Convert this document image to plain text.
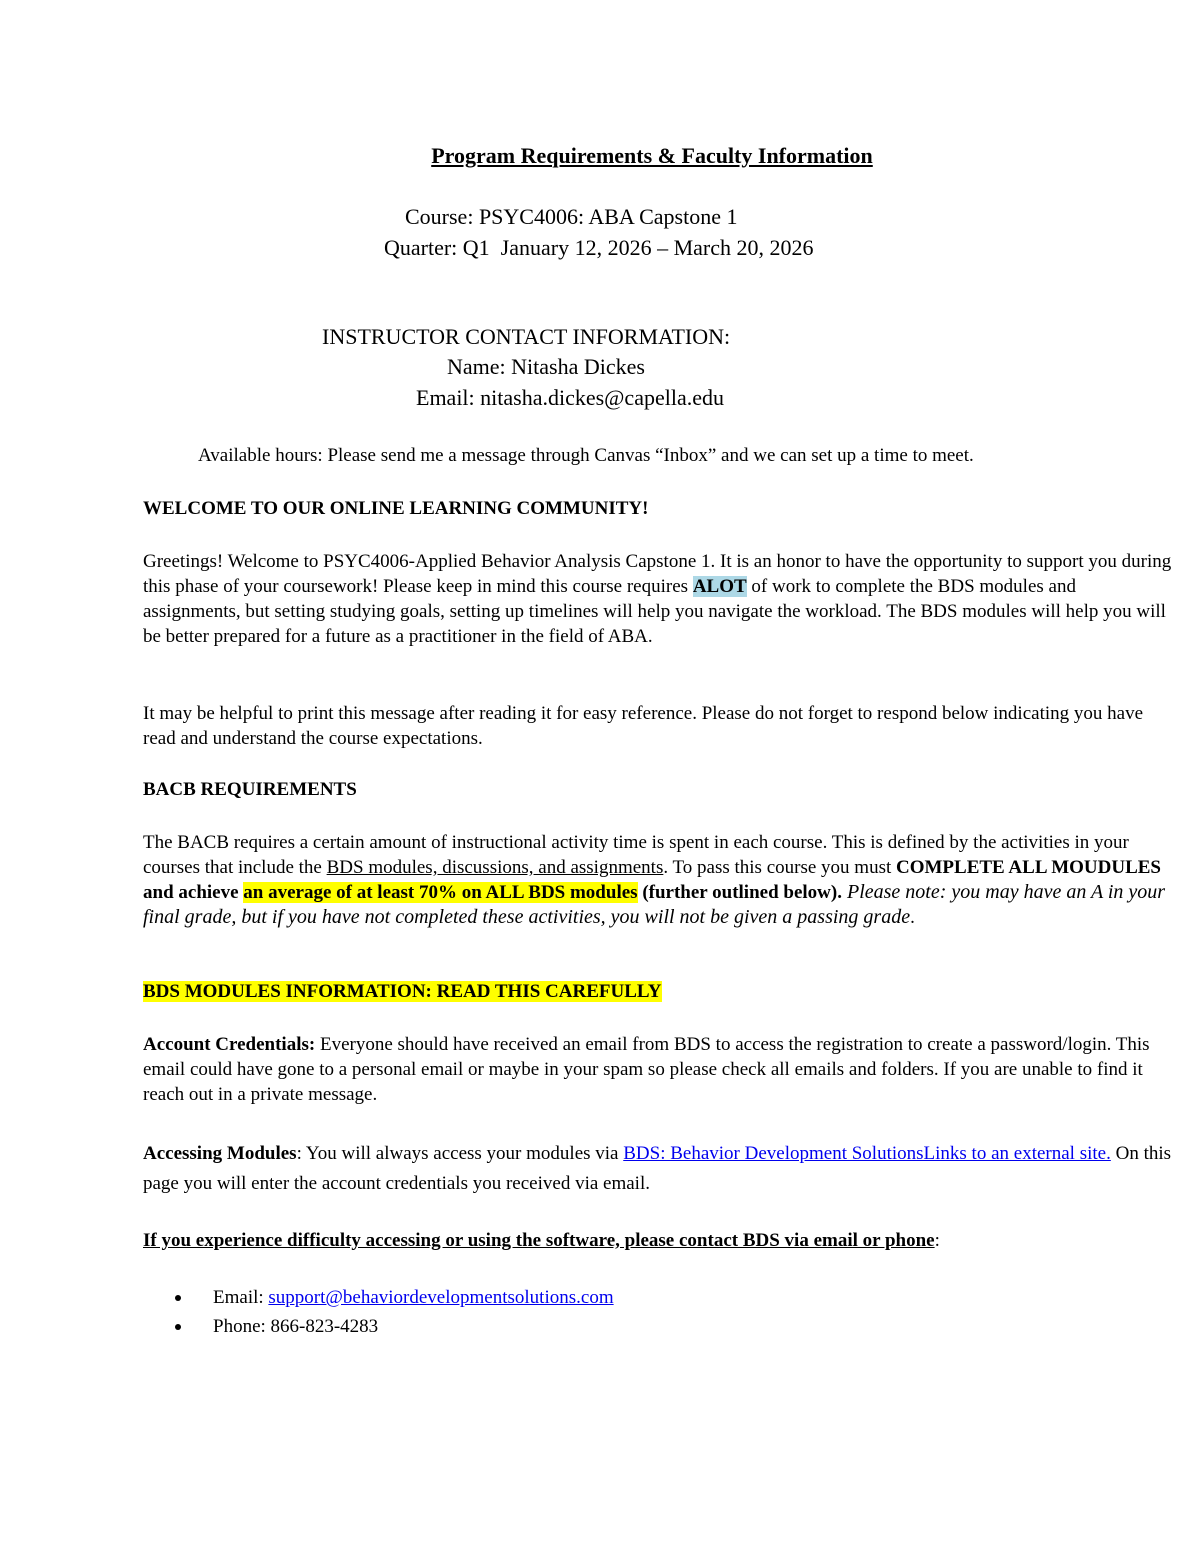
Program Requirements & Faculty Information
Course: PSYC4006: ABA Capstone 1
Quarter: Q1  January 12, 2026 – March 20, 2026
INSTRUCTOR CONTACT INFORMATION:
Name: Nitasha Dickes
Email: nitasha.dickes@capella.edu
Available hours: Please send me a message through Canvas “Inbox” and we can set up a time to meet.
WELCOME TO OUR ONLINE LEARNING COMMUNITY!
Greetings! Welcome to PSYC4006-Applied Behavior Analysis Capstone 1. It is an honor to have the opportunity to support you during this phase of your coursework! Please keep in mind this course requires ALOT of work to complete the BDS modules and assignments, but setting studying goals, setting up timelines will help you navigate the workload. The BDS modules will help you will be better prepared for a future as a practitioner in the field of ABA.
It may be helpful to print this message after reading it for easy reference. Please do not forget to respond below indicating you have read and understand the course expectations.
BACB REQUIREMENTS
The BACB requires a certain amount of instructional activity time is spent in each course. This is defined by the activities in your courses that include the BDS modules, discussions, and assignments. To pass this course you must COMPLETE ALL MOUDULES and achieve an average of at least 70% on ALL BDS modules (further outlined below). Please note: you may have an A in your final grade, but if you have not completed these activities, you will not be given a passing grade.
BDS MODULES INFORMATION: READ THIS CAREFULLY
Account Credentials: Everyone should have received an email from BDS to access the registration to create a password/login. This email could have gone to a personal email or maybe in your spam so please check all emails and folders. If you are unable to find it reach out in a private message.
Accessing Modules: You will always access your modules via BDS: Behavior Development SolutionsLinks to an external site. On this page you will enter the account credentials you received via email.
If you experience difficulty accessing or using the software, please contact BDS via email or phone:
Email: support@behaviordevelopmentsolutions.com
Phone: 866-823-4283
